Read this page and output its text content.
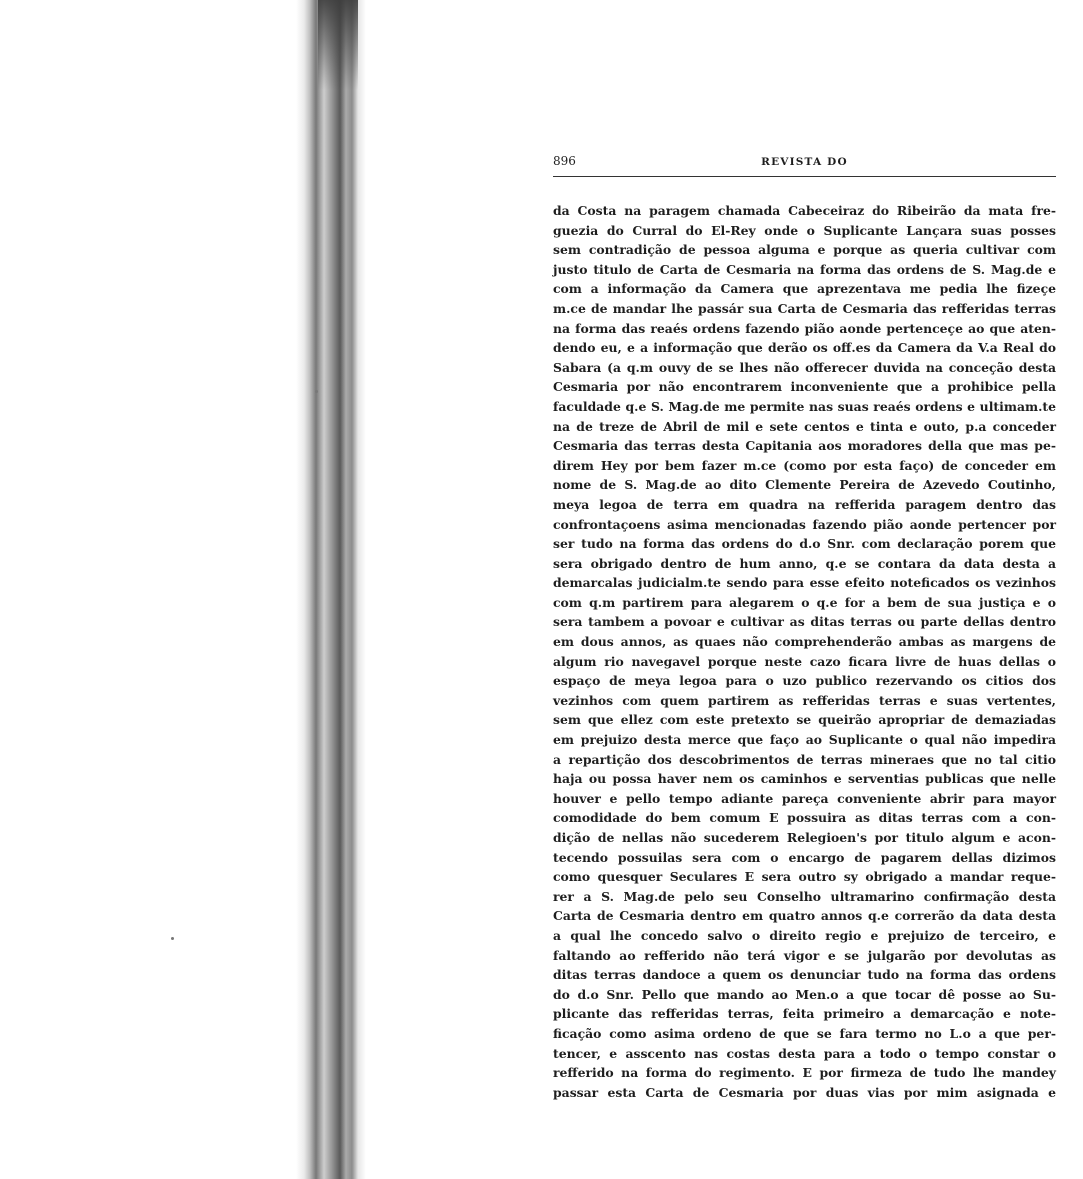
896	REVISTA DO
da Costa na paragem chamada Cabeceiraz do Ribeirão da mata fre-
guezia do Curral do El-Rey onde o Suplicante Lançara suas posses
sem contradição de pessoa alguma e porque as queria cultivar com
justo titulo de Carta de Cesmaria na forma das ordens de S. Mag.de e
com a informação da Camera que aprezentava me pedia lhe fizeçe
m.ce de mandar lhe passár sua Carta de Cesmaria das refferidas terras
na forma das reaés ordens fazendo pião aonde pertenceçe ao que aten-
dendo eu, e a informação que derão os off.es da Camera da V.a Real do
Sabara (a q.m ouvy de se lhes não offerecer duvida na conceção desta
Cesmaria por não encontrarem inconveniente que a prohibice pella
faculdade q.e S. Mag.de me permite nas suas reaés ordens e ultimam.te
na de treze de Abril de mil e sete centos e tinta e outo, p.a conceder
Cesmaria das terras desta Capitania aos moradores della que mas pe-
direm Hey por bem fazer m.ce (como por esta faço) de conceder em
nome de S. Mag.de ao dito Clemente Pereira de Azevedo Coutinho,
meya legoa de terra em quadra na refferida paragem dentro das
confrontaçoens asima mencionadas fazendo pião aonde pertencer por
ser tudo na forma das ordens do d.o Snr. com declaração porem que
sera obrigado dentro de hum anno, q.e se contara da data desta a
demarcalas judicialm.te sendo para esse efeito noteficados os vezinhos
com q.m partirem para alegarem o q.e for a bem de sua justiça e o
sera tambem a povoar e cultivar as ditas terras ou parte dellas dentro
em dous annos, as quaes não comprehenderão ambas as margens de
algum rio navegavel porque neste cazo ficara livre de huas dellas o
espaço de meya legoa para o uzo publico rezervando os citios dos
vezinhos com quem partirem as refferidas terras e suas vertentes,
sem que ellez com este pretexto se queirão apropriar de demaziadas
em prejuizo desta merce que faço ao Suplicante o qual não impedira
a repartição dos descobrimentos de terras mineraes que no tal citio
haja ou possa haver nem os caminhos e serventias publicas que nelle
houver e pello tempo adiante pareça conveniente abrir para mayor
comodidade do bem comum E possuira as ditas terras com a con-
dição de nellas não sucederem Relegioen's por titulo algum e acon-
tecendo possuilas sera com o encargo de pagarem dellas dizimos
como quesquer Seculares E sera outro sy obrigado a mandar reque-
rer a S. Mag.de pelo seu Conselho ultramarino confirmação desta
Carta de Cesmaria dentro em quatro annos q.e correrão da data desta
a qual lhe concedo salvo o direito regio e prejuizo de terceiro, e
faltando ao refferido não terá vigor e se julgarão por devolutas as
ditas terras dandoce a quem os denunciar tudo na forma das ordens
do d.o Snr. Pello que mando ao Men.o a que tocar dê posse ao Su-
plicante das refferidas terras, feita primeiro a demarcação e note-
ficação como asima ordeno de que se fara termo no L.o a que per-
tencer, e asscento nas costas desta para a todo o tempo constar o
refferido na forma do regimento. E por firmeza de tudo lhe mandey
passar esta Carta de Cesmaria por duas vias por mim asignada e
